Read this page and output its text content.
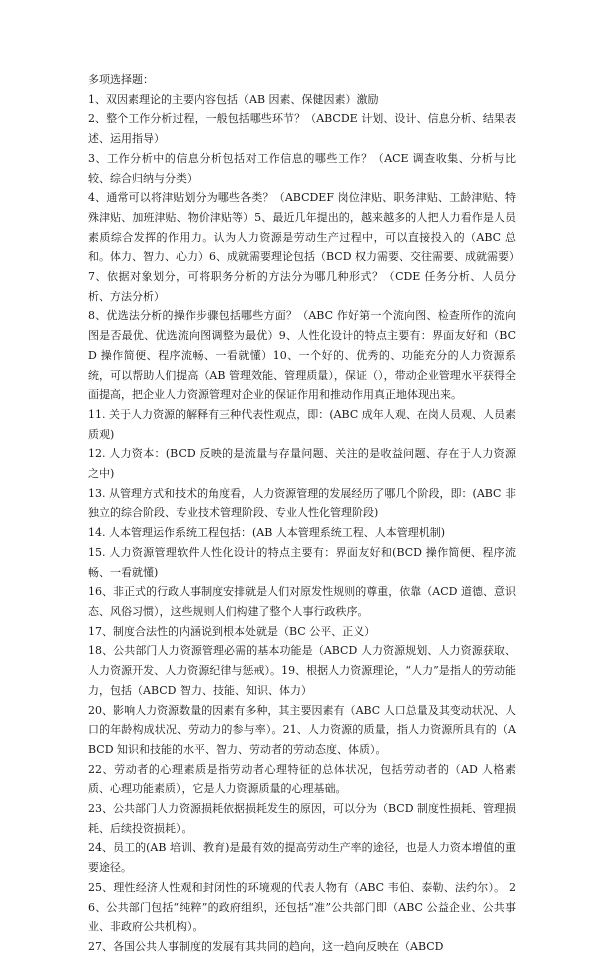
多项选择题：

1、双因素理论的主要内容包括（AB 因素、保健因素）激励

2、整个工作分析过程，一般包括哪些环节？（ABCDE 计划、设计、信息分析、结果表述、运用指导）

3、工作分析中的信息分析包括对工作信息的哪些工作？（ACE 调查收集、分析与比较、综合归纳与分类）

4、通常可以将津贴划分为哪些各类？（ABCDEF 岗位津贴、职务津贴、工龄津贴、特殊津贴、加班津贴、物价津贴等）5、最近几年提出的，越来越多的人把人力看作是人员素质综合发挥的作用力。认为人力资源是劳动生产过程中，可以直接投入的（ABC 总和。体力、智力、心力）6、成就需要理论包括（BCD 权力需要、交往需要、成就需要）

7、依据对象划分，可将职务分析的方法分为哪几种形式？（CDE 任务分析、人员分析、方法分析）

8、优选法分析的操作步骤包括哪些方面？（ABC 作好第一个流向图、检查所作的流向图是否最优、优选流向图调整为最优）9、人性化设计的特点主要有：界面友好和（BCD 操作简便、程序流畅、一看就懂）10、一个好的、优秀的、功能充分的人力资源系统，可以帮助人们提高（AB 管理效能、管理质量），保证（），带动企业管理水平获得全面提高，把企业人力资源管理对企业的保证作用和推动作用真正地体现出来。

11. 关于人力资源的解释有三种代表性观点，即：(ABC 成年人观、在岗人员观、人员素质观)

12. 人力资本：(BCD 反映的是流量与存量问题、关注的是收益问题、存在于人力资源之中)

13. 从管理方式和技术的角度看，人力资源管理的发展经历了哪几个阶段，即：(ABC 非独立的综合阶段、专业技术管理阶段、专业人性化管理阶段)

14. 人本管理运作系统工程包括：(AB 人本管理系统工程、人本管理机制)

15. 人力资源管理软件人性化设计的特点主要有：界面友好和(BCD 操作简便、程序流畅、一看就懂)

16、非正式的行政人事制度安排就是人们对原发性规则的尊重，依靠（ACD 道德、意识态、风俗习惯），这些规则人们构建了整个人事行政秩序。

17、制度合法性的内涵说到根本处就是（BC 公平、正义）

18、公共部门人力资源管理必需的基本功能是（ABCD 人力资源规划、人力资源获取、人力资源开发、人力资源纪律与惩戒）。19、根据人力资源理论，“人力”是指人的劳动能力，包括（ABCD 智力、技能、知识、体力）

20、影响人力资源数量的因素有多种，其主要因素有（ABC 人口总量及其变动状况、人口的年龄构成状况、劳动力的参与率）。21、人力资源的质量，指人力资源所具有的（ABCD 知识和技能的水平、智力、劳动者的劳动态度、体质）。

22、劳动者的心理素质是指劳动者心理特征的总体状况，包括劳动者的（AD 人格素质、心理功能素质），它是人力资源质量的心理基础。

23、公共部门人力资源损耗依据损耗发生的原因，可以分为（BCD 制度性损耗、管理损耗、后续投资损耗）。

24、员工的(AB 培训、教育)是最有效的提高劳动生产率的途径，也是人力资本增值的重要途径。

25、理性经济人性观和封闭性的环境观的代表人物有（ABC 韦伯、泰勒、法约尔）。 26、公共部门包括“纯粹”的政府组织，还包括“准”公共部门即（ABC 公益企业、公共事业、非政府公共机构）。

27、各国公共人事制度的发展有其共同的趋向，这一趋向反映在（ABCD
